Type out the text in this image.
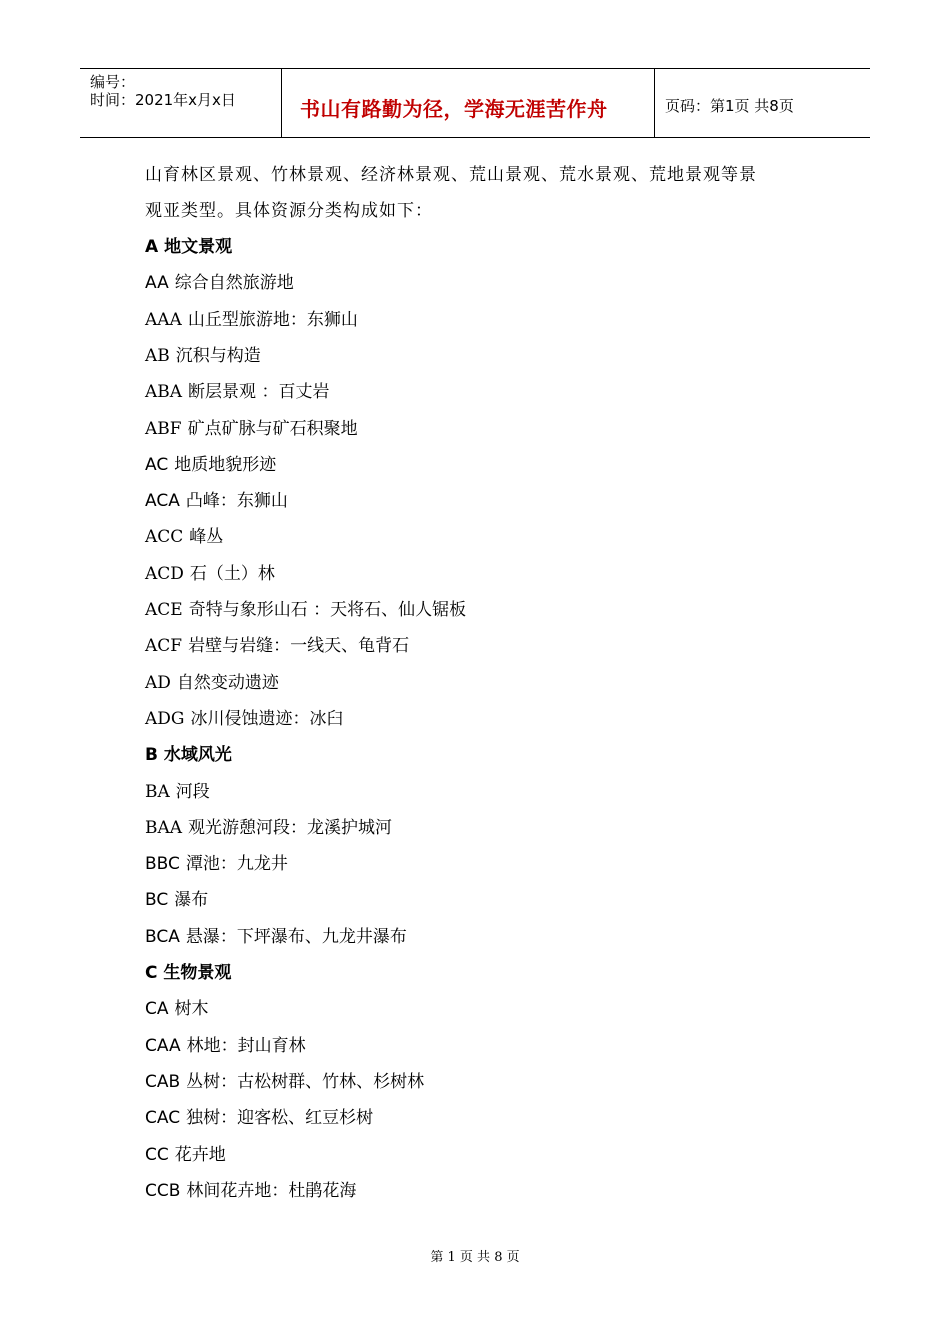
编号：
时间：2021年x月x日	书山有路勤为径，学海无涯苦作舟	页码：第1页 共8页
山育林区景观、竹林景观、经济林景观、荒山景观、荒水景观、荒地景观等景
观亚类型。具体资源分类构成如下：
A 地文景观
AA 综合自然旅游地
AAA 山丘型旅游地：东狮山
AB 沉积与构造
ABA 断层景观 ：百丈岩
ABF 矿点矿脉与矿石积聚地
AC 地质地貌形迹
ACA 凸峰：东狮山
ACC 峰丛
ACD 石（土）林
ACE 奇特与象形山石 ：天将石、仙人锯板
ACF 岩壁与岩缝：一线天、龟背石
AD 自然变动遗迹
ADG 冰川侵蚀遗迹：冰臼
B 水域风光
BA 河段
BAA 观光游憩河段：龙溪护城河
BBC 潭池：九龙井
BC 瀑布
BCA 悬瀑：下坪瀑布、九龙井瀑布
C 生物景观
CA 树木
CAA 林地：封山育林
CAB 丛树：古松树群、竹林、杉树林
CAC 独树：迎客松、红豆杉树
CC 花卉地
CCB 林间花卉地：杜鹃花海
第 1 页 共 8 页
